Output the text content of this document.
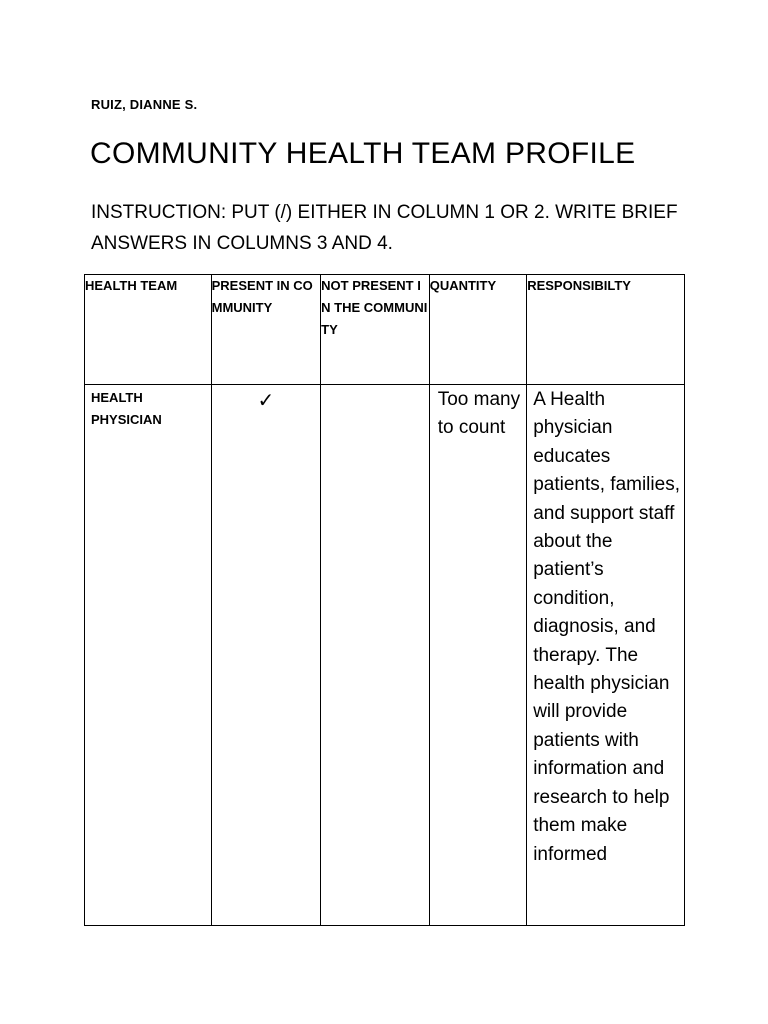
RUIZ, DIANNE S.
COMMUNITY HEALTH TEAM PROFILE
INSTRUCTION: PUT (/) EITHER IN COLUMN 1 OR 2. WRITE BRIEF ANSWERS IN COLUMNS 3 AND 4.
HEALTH TEAM	PRESENT IN COMMUNITY	NOT PRESENT IN THE COMMUNITY	QUANTITY	RESPONSIBILTY
HEALTH PHYSICIAN	✓		Too many to count	A Health physician educates patients, families, and support staff about the patient’s condition, diagnosis, and therapy. The health physician will provide patients with information and research to help them make informed
